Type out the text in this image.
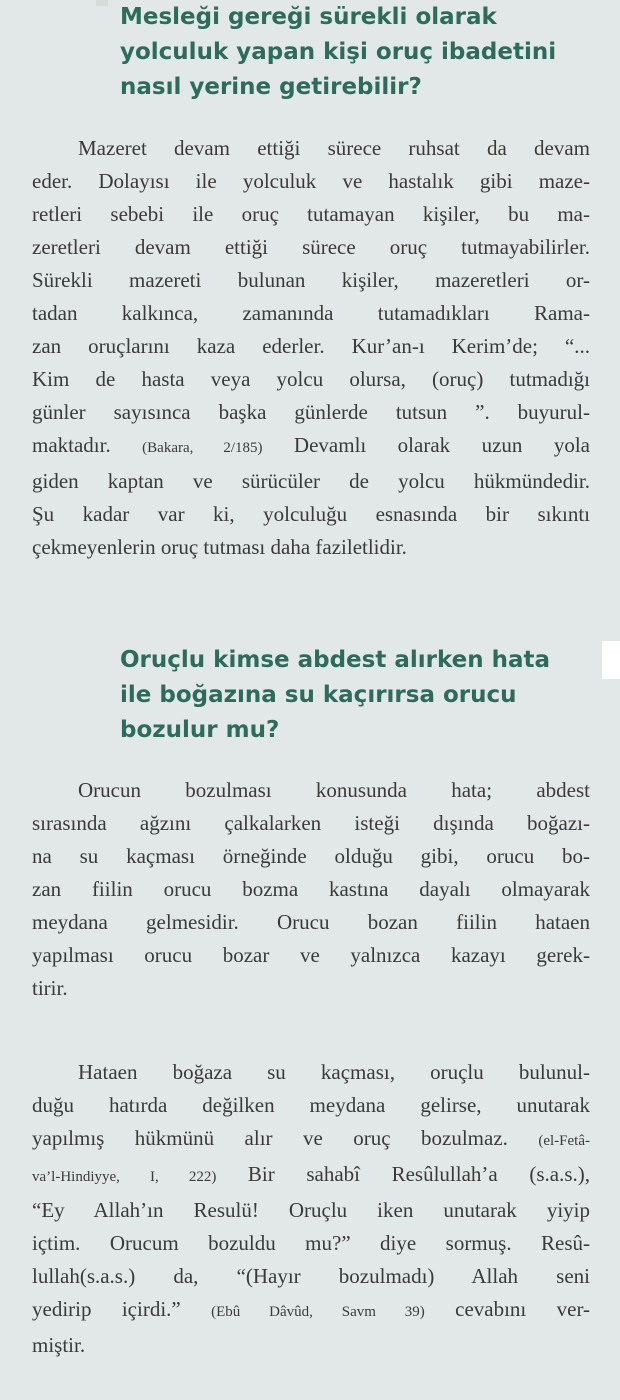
Mesleği gereği sürekli olarak
yolculuk yapan kişi oruç ibadetini
nasıl yerine getirebilir?

Mazeret devam ettiği sürece ruhsat da devam
eder. Dolayısı ile yolculuk ve hastalık gibi maze-
retleri sebebi ile oruç tutamayan kişiler, bu ma-
zeretleri devam ettiği sürece oruç tutmayabilirler.
Sürekli mazereti bulunan kişiler, mazeretleri or-
tadan kalkınca, zamanında tutamadıkları Rama-
zan oruçlarını kaza ederler. Kur’an-ı Kerim’de; “...
Kim de hasta veya yolcu olursa, (oruç) tutmadığı
günler sayısınca başka günlerde tutsun ”. buyurul-
maktadır. (Bakara, 2/185) Devamlı olarak uzun yola
giden kaptan ve sürücüler de yolcu hükmündedir.
Şu kadar var ki, yolculuğu esnasında bir sıkıntı
çekmeyenlerin oruç tutması daha faziletlidir.

Oruçlu kimse abdest alırken hata
ile boğazına su kaçırırsa orucu
bozulur mu?

Orucun bozulması konusunda hata; abdest
sırasında ağzını çalkalarken isteği dışında boğazı-
na su kaçması örneğinde olduğu gibi, orucu bo-
zan fiilin orucu bozma kastına dayalı olmayarak
meydana gelmesidir. Orucu bozan fiilin hataen
yapılması orucu bozar ve yalnızca kazayı gerek-
tirir.

Hataen boğaza su kaçması, oruçlu bulunul-
duğu hatırda değilken meydana gelirse, unutarak
yapılmış hükmünü alır ve oruç bozulmaz. (el-Fetâ-
va’l-Hindiyye, I, 222) Bir sahabî Resûlullah’a (s.a.s.),
“Ey Allah’ın Resulü! Oruçlu iken unutarak yiyip
içtim. Orucum bozuldu mu?” diye sormuş. Resû-
lullah(s.a.s.) da, “(Hayır bozulmadı) Allah seni
yedirip içirdi.” (Ebû Dâvûd, Savm 39) cevabını ver-
miştir.
